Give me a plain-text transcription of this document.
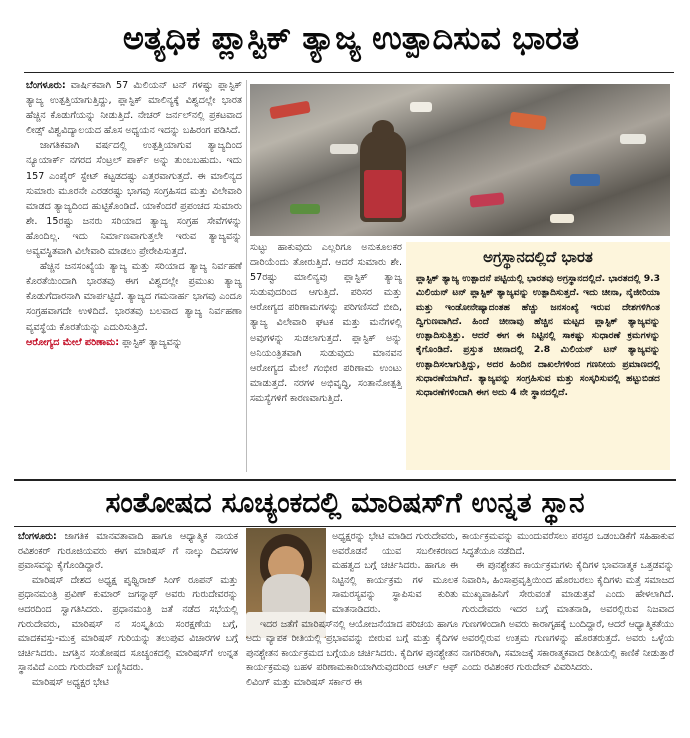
ಅತ್ಯಧಿಕ ಪ್ಲಾಸ್ಟಿಕ್ ತ್ಯಾಜ್ಯ ಉತ್ಪಾದಿಸುವ ಭಾರತ

ಬೆಂಗಳೂರು: ವಾರ್ಷಿಕವಾಗಿ 57 ಮಿಲಿಯನ್ ಟನ್ ಗಳಷ್ಟು ಪ್ಲಾಸ್ಟಿಕ್ ತ್ಯಾಜ್ಯ ಉತ್ಪತ್ತಿಯಾಗುತ್ತಿದ್ದು, ಪ್ಲಾಸ್ಟಿಕ್ ಮಾಲಿನ್ಯಕ್ಕೆ ವಿಶ್ವದಲ್ಲೇ ಭಾರತ ಹೆಚ್ಚಿನ ಕೊಡುಗೆಯನ್ನು ನೀಡುತ್ತಿದೆ. ನೇಚರ್ ಜರ್ನಲ್‌ನಲ್ಲಿ ಪ್ರಕಟವಾದ ಲೀಡ್ಸ್ ವಿಶ್ವವಿದ್ಯಾಲಯದ ಹೊಸ ಅಧ್ಯಯನ ಇದನ್ನು ಬಹಿರಂಗ ಪಡಿಸಿದೆ.

ಜಾಗತಿಕವಾಗಿ ವರ್ಷದಲ್ಲಿ ಉತ್ಪತ್ತಿಯಾಗುವ ತ್ಯಾಜ್ಯದಿಂದ ನ್ಯೂಯಾರ್ಕ್ ನಗರದ ಸೆಂಟ್ರಲ್ ಪಾರ್ಕ್ ಅನ್ನು ತುಂಬಬಹುದು. ಇದು 157 ಎಂಪೈರ್ ಸ್ಟೇಟ್ ಕಟ್ಟಡದಷ್ಟು ಎತ್ತರವಾಗುತ್ತದೆ. ಈ ಮಾಲಿನ್ಯದ ಸುಮಾರು ಮೂರನೇ ಎರಡರಷ್ಟು ಭಾಗವು ಸಂಗ್ರಹಿಸದ ಮತ್ತು ವಿಲೇವಾರಿ ಮಾಡದ ತ್ಯಾಜ್ಯದಿಂದ ಹುಟ್ಟಿಕೊಂಡಿದೆ. ಯಾಕೆಂದರೆ ಪ್ರಪಂಚದ ಸುಮಾರು ಶೇ. 15ರಷ್ಟು ಜನರು ಸರಿಯಾದ ತ್ಯಾಜ್ಯ ಸಂಗ್ರಹ ಸೇವೆಗಳನ್ನು ಹೊಂದಿಲ್ಲ. ಇದು ನಿರ್ಮಾಣವಾಗುತ್ತಲೇ ಇರುವ ತ್ಯಾಜ್ಯವನ್ನು ಅವ್ಯವಸ್ಥಿತವಾಗಿ ವಿಲೇವಾರಿ ಮಾಡಲು ಪ್ರೇರೇಪಿಸುತ್ತದೆ.

ಹೆಚ್ಚಿನ ಜನಸಂಖ್ಯೆಯ ತ್ಯಾಜ್ಯ ಮತ್ತು ಸರಿಯಾದ ತ್ಯಾಜ್ಯ ನಿರ್ವಹಣೆ ಕೊರತೆಯಿಂದಾಗಿ ಭಾರತವು ಈಗ ವಿಶ್ವದಲ್ಲೇ ಪ್ರಮುಖ ತ್ಯಾಜ್ಯ ಕೊಡುಗೆದಾರನಾಗಿ ಮಾರ್ಪಟ್ಟಿದೆ. ತ್ಯಾಜ್ಯದ ಗಮನಾರ್ಹ ಭಾಗವು ಎಂದೂ ಸಂಗ್ರಹವಾಗದೇ ಉಳಿದಿದೆ. ಭಾರತವು ಬಲವಾದ ತ್ಯಾಜ್ಯ ನಿರ್ವಹಣಾ ವ್ಯವಸ್ಥೆಯ ಕೊರತೆಯನ್ನು ಎದುರಿಸುತ್ತಿದೆ.

ಆರೋಗ್ಯದ ಮೇಲೆ ಪರಿಣಾಮ: ಪ್ಲಾಸ್ಟಿಕ್ ತ್ಯಾಜ್ಯವನ್ನು

ಸುಟ್ಟು ಹಾಕುವುದು ಎಲ್ಲರಿಗೂ ಅನುಕೂಲಕರ ದಾರಿಯೆಂದು ತೋರುತ್ತಿದೆ. ಆದರೆ ಸುಮಾರು ಶೇ. 57ರಷ್ಟು ಮಾಲಿನ್ಯವು ಪ್ಲಾಸ್ಟಿಕ್ ತ್ಯಾಜ್ಯ ಸುಡುವುದರಿಂದ ಆಗುತ್ತಿದೆ. ಪರಿಸರ ಮತ್ತು ಆರೋಗ್ಯದ ಪರಿಣಾಮಗಳನ್ನು ಪರಿಗಣಿಸದೆ ಬೀದಿ, ತ್ಯಾಜ್ಯ ವಿಲೇವಾರಿ ಘಟಕ ಮತ್ತು ಮನೆಗಳಲ್ಲಿ ಅವುಗಳನ್ನು ಸುಡಲಾಗುತ್ತದೆ. ಪ್ಲಾಸ್ಟಿಕ್ ಅನ್ನು ಅನಿಯಂತ್ರಿತವಾಗಿ ಸುಡುವುದು ಮಾನವನ ಆರೋಗ್ಯದ ಮೇಲೆ ಗಂಭೀರ ಪರಿಣಾಮ ಉಂಟು ಮಾಡುತ್ತದೆ. ನರಗಳ ಅಭಿವೃದ್ಧಿ, ಸಂತಾನೋತ್ಪತ್ತಿ ಸಮಸ್ಯೆಗಳಿಗೆ ಕಾರಣವಾಗುತ್ತಿದೆ.

ಅಗ್ರಸ್ಥಾನದಲ್ಲಿದೆ ಭಾರತ
ಪ್ಲಾಸ್ಟಿಕ್ ತ್ಯಾಜ್ಯ ಉತ್ಪಾದನೆ ಪಟ್ಟಿಯಲ್ಲಿ ಭಾರತವು ಅಗ್ರಸ್ಥಾನದಲ್ಲಿದೆ. ಭಾರತದಲ್ಲಿ 9.3 ಮಿಲಿಯನ್ ಟನ್ ಪ್ಲಾಸ್ಟಿಕ್ ತ್ಯಾಜ್ಯವನ್ನು ಉತ್ಪಾದಿಸುತ್ತದೆ. ಇದು ಚೀನಾ, ನೈಜೀರಿಯಾ ಮತ್ತು ಇಂಡೋನೇಷ್ಯಾದಂತಹ ಹೆಚ್ಚು ಜನಸಂಖ್ಯೆ ಇರುವ ದೇಶಗಳಿಗಿಂತ ದ್ವಿಗುಣವಾಗಿದೆ. ಹಿಂದೆ ಚೀನಾವು ಹೆಚ್ಚಿನ ಮಟ್ಟದ ಪ್ಲಾಸ್ಟಿಕ್ ತ್ಯಾಜ್ಯವನ್ನು ಉತ್ಪಾದಿಸುತ್ತಿತ್ತು. ಆದರೆ ಈಗ ಈ ನಿಟ್ಟಿನಲ್ಲಿ ಸಾಕಷ್ಟು ಸುಧಾರಣೆ ಕ್ರಮಗಳನ್ನು ಕೈಗೊಂಡಿದೆ. ಪ್ರಸ್ತುತ ಚೀನಾದಲ್ಲಿ 2.8 ಮಿಲಿಯನ್ ಟನ್ ತ್ಯಾಜ್ಯವನ್ನು ಉತ್ಪಾದಿಸಲಾಗುತ್ತಿದ್ದು, ಅದರ ಹಿಂದಿನ ದಾಖಲೆಗಳಿಂದ ಗಣನೀಯ ಪ್ರಮಾಣದಲ್ಲಿ ಸುಧಾರಣೆಯಾಗಿದೆ. ತ್ಯಾಜ್ಯವನ್ನು ಸಂಗ್ರಹಿಸುವ ಮತ್ತು ಸಂಸ್ಕರಿಸುವಲ್ಲಿ ಹಟ್ಟುಬಿಡದ ಸುಧಾರಣೆಗಳಿಂದಾಗಿ ಈಗ ಅದು 4 ನೇ ಸ್ಥಾನದಲ್ಲಿದೆ.
ಸಂತೋಷದ ಸೂಚ್ಯಂಕದಲ್ಲಿ ಮಾರಿಷಸ್‌ಗೆ ಉನ್ನತ ಸ್ಥಾನ

ಬೆಂಗಳೂರು: ಜಾಗತಿಕ ಮಾನವತಾವಾದಿ ಹಾಗೂ ಆಧ್ಯಾತ್ಮಿಕ ನಾಯಕ ರವಿಶಂಕರ್ ಗುರೂಜಿಯವರು ಈಗ ಮಾರಿಷಸ್ ಗೆ ನಾಲ್ಕು ದಿವಸಗಳ ಪ್ರವಾಸವನ್ನು ಕೈಗೊಂಡಿದ್ದಾರೆ.

ಮಾರಿಷಸ್ ದೇಶದ ಅಧ್ಯಕ್ಷ ಪೃಥ್ವಿರಾಜ್ ಸಿಂಗ್ ರೂಪನ್ ಮತ್ತು ಪ್ರಧಾನಮಂತ್ರಿ ಪ್ರವಿಣ್ ಕುಮಾರ್ ಜಗನ್ನಾಥ್ ಅವರು ಗುರುದೇವರನ್ನು ಆದರದಿಂದ ಸ್ವಾಗತಿಸಿದರು. ಪ್ರಧಾನಮಂತ್ರಿ ಜತೆ ನಡೆದ ಸಭೆಯಲ್ಲಿ ಗುರುದೇವರು, ಮಾರಿಷಸ್ ನ ಸಂಸ್ಕೃತಿಯ ಸಂರಕ್ಷಣೆಯ ಬಗ್ಗೆ, ಮಾದಕವಸ್ತು-ಮುಕ್ತ ಮಾರಿಷಸ್ ಗುರಿಯನ್ನು ತಲುಪುವ ವಿಚಾರಗಳ ಬಗ್ಗೆ ಚರ್ಚಿಸಿದರು. ಜಗತ್ತಿನ ಸಂತೋಷದ ಸೂಚ್ಯಂಕದಲ್ಲಿ ಮಾರಿಷಸ್‌ಗೆ ಉನ್ನತ ಸ್ಥಾನವಿದೆ ಎಂದು ಗುರುದೇವ್ ಬಣ್ಣಿಸಿದರು.

ಮಾರಿಷಸ್ ಅಧ್ಯಕ್ಷರ ಭೇಟಿ

ಅಧ್ಯಕ್ಷರನ್ನು ಭೇಟಿ ಮಾಡಿದ ಗುರುದೇವರು, ಅವರೊಡನೆ ಯುವ ಸಬಲೀಕರಣದ ಮಹತ್ವದ ಬಗ್ಗೆ ಚರ್ಚಿಸಿದರು. ಹಾಗೂ ಈ ನಿಟ್ಟಿನಲ್ಲಿ ಕಾರ್ಯಕ್ರಮ ಗಳ ಮೂಲಕ ಸಾಮರಸ್ಯವನ್ನು ಸ್ಥಾಪಿಸುವ ಕುರಿತು ಮಾತನಾಡಿದರು.

ಇದರ ಜತೆಗೆ ಮಾರಿಷಸ್‌ನಲ್ಲಿ ಆಯೋಜನೆಯಾದ ಪರಿಚಯ ಹಾಗೂ ಅದು ವ್ಯಾಪಕ ರೀತಿಯಲ್ಲಿ ಪ್ರಭಾವವನ್ನು ಬೀರುವ ಬಗ್ಗೆ ಮತ್ತು ಕೈದಿಗಳ ಪುನಶ್ಚೇತನ ಕಾರ್ಯಕ್ರಮದ ಬಗ್ಗೆಯೂ ಚರ್ಚಿಸಿದರು. ಕೈದಿಗಳ ಪುನಶ್ಚೇತನ ಕಾರ್ಯಕ್ರಮವು ಬಹಳ ಪರಿಣಾಮಕಾರಿಯಾಗಿರುವುದರಿಂದ ಆರ್ಟ್ ಆಫ್ ಲಿವಿಂಗ್ ಮತ್ತು ಮಾರಿಷಸ್ ಸರ್ಕಾರ ಈ

ಕಾರ್ಯಕ್ರಮವನ್ನು ಮುಂದುವರೆಸಲು ಪರಸ್ಪರ ಒಡಂಬಡಿಕೆಗೆ ಸಹಿಹಾಕುವ ಸಿದ್ಧತೆಯೂ ನಡೆದಿದೆ.

ಈ ಪುನಶ್ಚೇತನ ಕಾರ್ಯಕ್ರಮಗಳು ಕೈದಿಗಳ ಭಾವನಾತ್ಮಕ ಒತ್ತಡವನ್ನು ನಿವಾರಿಸಿ, ಹಿಂಸಾಪ್ರವೃತ್ತಿಯಿಂದ ಹೊರಬರಲು ಕೈದಿಗಳು ಮತ್ತೆ ಸಮಾಜದ ಮುಖ್ಯವಾಹಿನಿಗೆ ಸೇರುವಂತೆ ಮಾಡುತ್ತವೆ ಎಂದು ಹೇಳಲಾಗಿದೆ. ಗುರುದೇವರು ಇದರ ಬಗ್ಗೆ ಮಾತನಾಡಿ, ಅವರಲ್ಲಿರುವ ನಿಜವಾದ ಗುಣಗಳಿಂದಾಗಿ ಅವರು ಕಾರಾಗೃಹಕ್ಕೆ ಬಂದಿದ್ದಾರೆ, ಆದರೆ ಆಧ್ಯಾತ್ಮಿಕತೆಯು ಅವರಲ್ಲಿರುವ ಉತ್ತಮ ಗುಣಗಳನ್ನು ಹೊರತರುತ್ತದೆ. ಅವರು ಒಳ್ಳೆಯ ನಾಗರಿಕರಾಗಿ, ಸಮಾಜಕ್ಕೆ ಸಕಾರಾತ್ಮಕವಾದ ರೀತಿಯಲ್ಲಿ ಕಾಣಿಕೆ ನೀಡುತ್ತಾರೆ ಎಂದು ರವಿಶಂಕರ ಗುರುದೇವ್ ವಿವರಿಸಿದರು.
